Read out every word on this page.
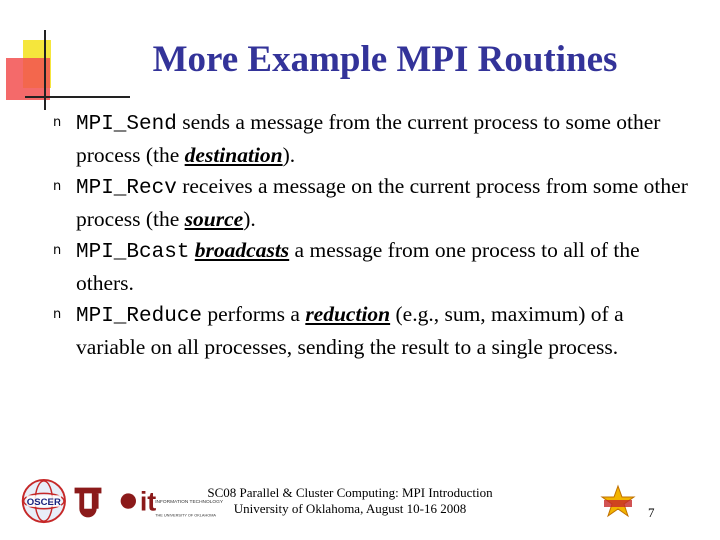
More Example MPI Routines
n MPI_Send sends a message from the current process to some other process (the destination).
n MPI_Recv receives a message on the current process from some other process (the source).
n MPI_Bcast broadcasts a message from one process to all of the others.
n MPI_Reduce performs a reduction (e.g., sum, maximum) of a variable on all processes, sending the result to a single process.
OSCER	it
INFORMATION TECHNOLOGY
THE UNIVERSITY OF OKLAHOMA
SC08 Parallel & Cluster Computing: MPI Introduction
University of Oklahoma, August 10-16 2008	7
